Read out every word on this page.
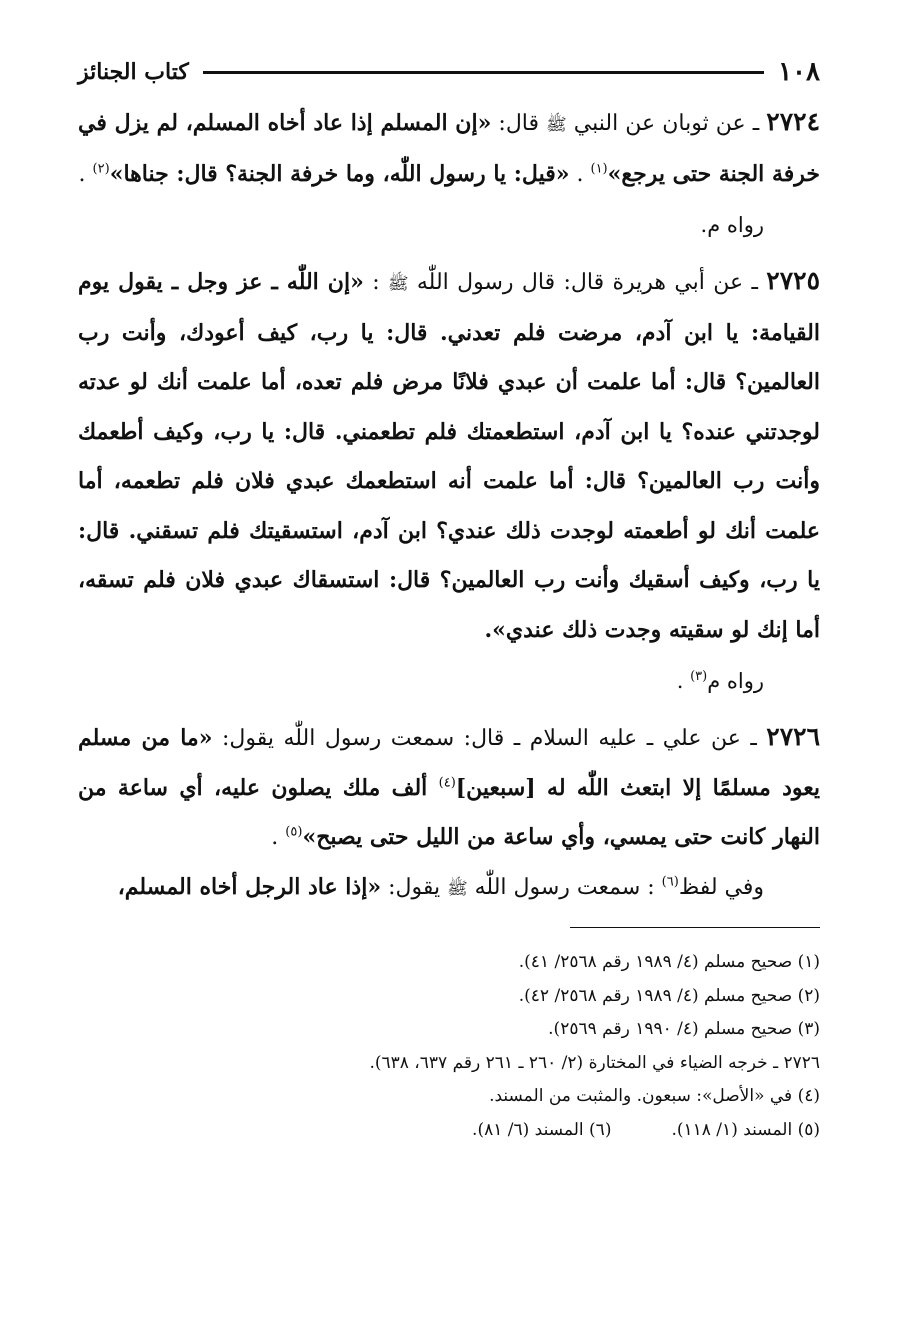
١٠٨
كتاب الجنائز

٢٧٢٤ ـ عن ثوبان عن النبي ﷺ قال: «إن المسلم إذا عاد أخاه المسلم، لم يزل في خرفة الجنة حتى يرجع»$^{(١)}$ . «قيل: يا رسول اللّٰه، وما خرفة الجنة؟ قال: جناها»$^{(٢)}$ .

رواه م.

٢٧٢٥ ـ عن أبي هريرة قال: قال رسول اللّٰه ﷺ : «إن اللّٰه ـ عز وجل ـ يقول يوم القيامة: يا ابن آدم، مرضت فلم تعدني. قال: يا رب، كيف أعودك، وأنت رب العالمين؟ قال: أما علمت أن عبدي فلانًا مرض فلم تعده، أما علمت أنك لو عدته لوجدتني عنده؟ يا ابن آدم، استطعمتك فلم تطعمني. قال: يا رب، وكيف أطعمك وأنت رب العالمين؟ قال: أما علمت أنه استطعمك عبدي فلان فلم تطعمه، أما علمت أنك لو أطعمته لوجدت ذلك عندي؟ ابن آدم، استسقيتك فلم تسقني. قال: يا رب، وكيف أسقيك وأنت رب العالمين؟ قال: استسقاك عبدي فلان فلم تسقه، أما إنك لو سقيته وجدت ذلك عندي».

رواه م$^{(٣)}$ .

٢٧٢٦ ـ عن علي ـ عليه السلام ـ قال: سمعت رسول اللّٰه يقول: «ما من مسلم يعود مسلمًا إلا ابتعث اللّٰه له [سبعين]$^{(٤)}$ ألف ملك يصلون عليه، أي ساعة من النهار كانت حتى يمسي، وأي ساعة من الليل حتى يصبح»$^{(٥)}$ .

وفي لفظ$^{(٦)}$ : سمعت رسول اللّٰه ﷺ يقول: «إذا عاد الرجل أخاه المسلم،

(١) صحيح مسلم (٤/ ١٩٨٩ رقم ٢٥٦٨/ ٤١).

(٢) صحيح مسلم (٤/ ١٩٨٩ رقم ٢٥٦٨/ ٤٢).

(٣) صحيح مسلم (٤/ ١٩٩٠ رقم ٢٥٦٩).

٢٧٢٦ ـ خرجه الضياء في المختارة (٢/ ٢٦٠ ـ ٢٦١ رقم ٦٣٧، ٦٣٨).

(٤) في «الأصل»: سبعون. والمثبت من المسند.

(٥) المسند (١/ ١١٨).
(٦) المسند (٦/ ٨١).
